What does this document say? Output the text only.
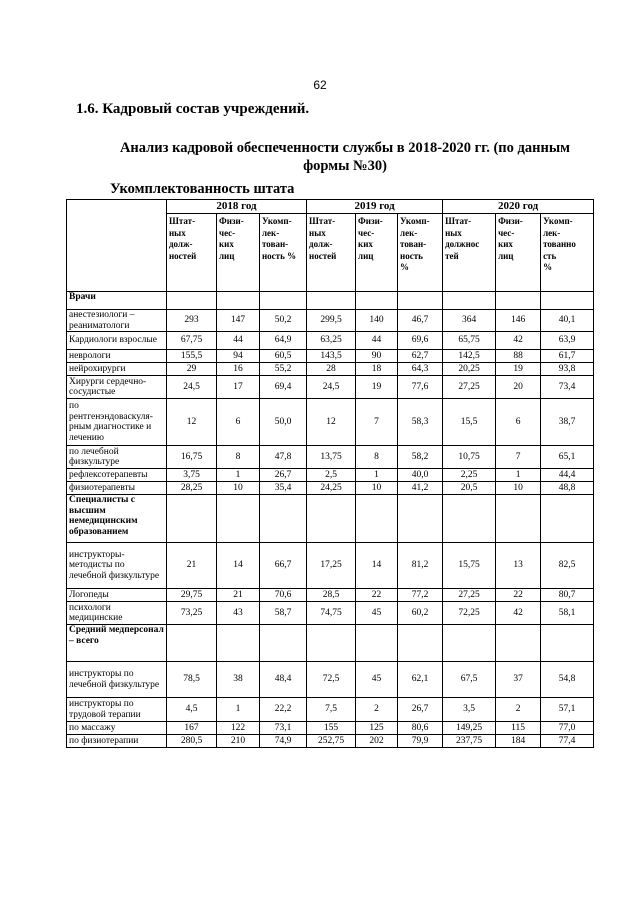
62
1.6. Кадровый состав учреждений.
Анализ кадровой обеспеченности службы в 2018-2020 гг. (по данным формы №30)
Укомплектованность штата
	2018 год			2019 год			2020 год		
	Штат-
ных
долж-
ностей	Физи-
чес-
ких
лиц	Укомп-
лек-
тован-
ность %	Штат-
ных
долж-
ностей	Физи-
чес-
ких
лиц	Укомп-
лек-
тован-
ность
%	Штат-
ных
должнос
тей	Физи-
чес-
ких
лиц	Укомп-
лек-
тованно
сть
%
Врачи									
анестезиологи – реаниматологи	293	147	50,2	299,5	140	46,7	364	146	40,1
Кардиологи взрослые	67,75	44	64,9	63,25	44	69,6	65,75	42	63,9
неврологи	155,5	94	60,5	143,5	90	62,7	142,5	88	61,7
нейрохирурги	29	16	55,2	28	18	64,3	20,25	19	93,8
Хирурги сердечно-сосудистые	24,5	17	69,4	24,5	19	77,6	27,25	20	73,4
по рентгенэндоваскуля-рным диагностике и лечению	12	6	50,0	12	7	58,3	15,5	6	38,7
по лечебной физкультуре	16,75	8	47,8	13,75	8	58,2	10,75	7	65,1
рефлексотерапевты	3,75	1	26,7	2,5	1	40,0	2,25	1	44,4
физиотерапевты	28,25	10	35,4	24,25	10	41,2	20,5	10	48,8
Специалисты с высшим немедицинским образованием									
инструкторы-методисты по лечебной физкультуре	21	14	66,7	17,25	14	81,2	15,75	13	82,5
Логопеды	29,75	21	70,6	28,5	22	77,2	27,25	22	80,7
психологи медицинские	73,25	43	58,7	74,75	45	60,2	72,25	42	58,1
Средний медперсонал – всего									
инструкторы по лечебной физкультуре	78,5	38	48,4	72,5	45	62,1	67,5	37	54,8
инструкторы по трудовой терапии	4,5	1	22,2	7,5	2	26,7	3,5	2	57,1
по массажу	167	122	73,1	155	125	80,6	149,25	115	77,0
по физиотерапии	280,5	210	74,9	252,75	202	79,9	237,75	184	77,4
